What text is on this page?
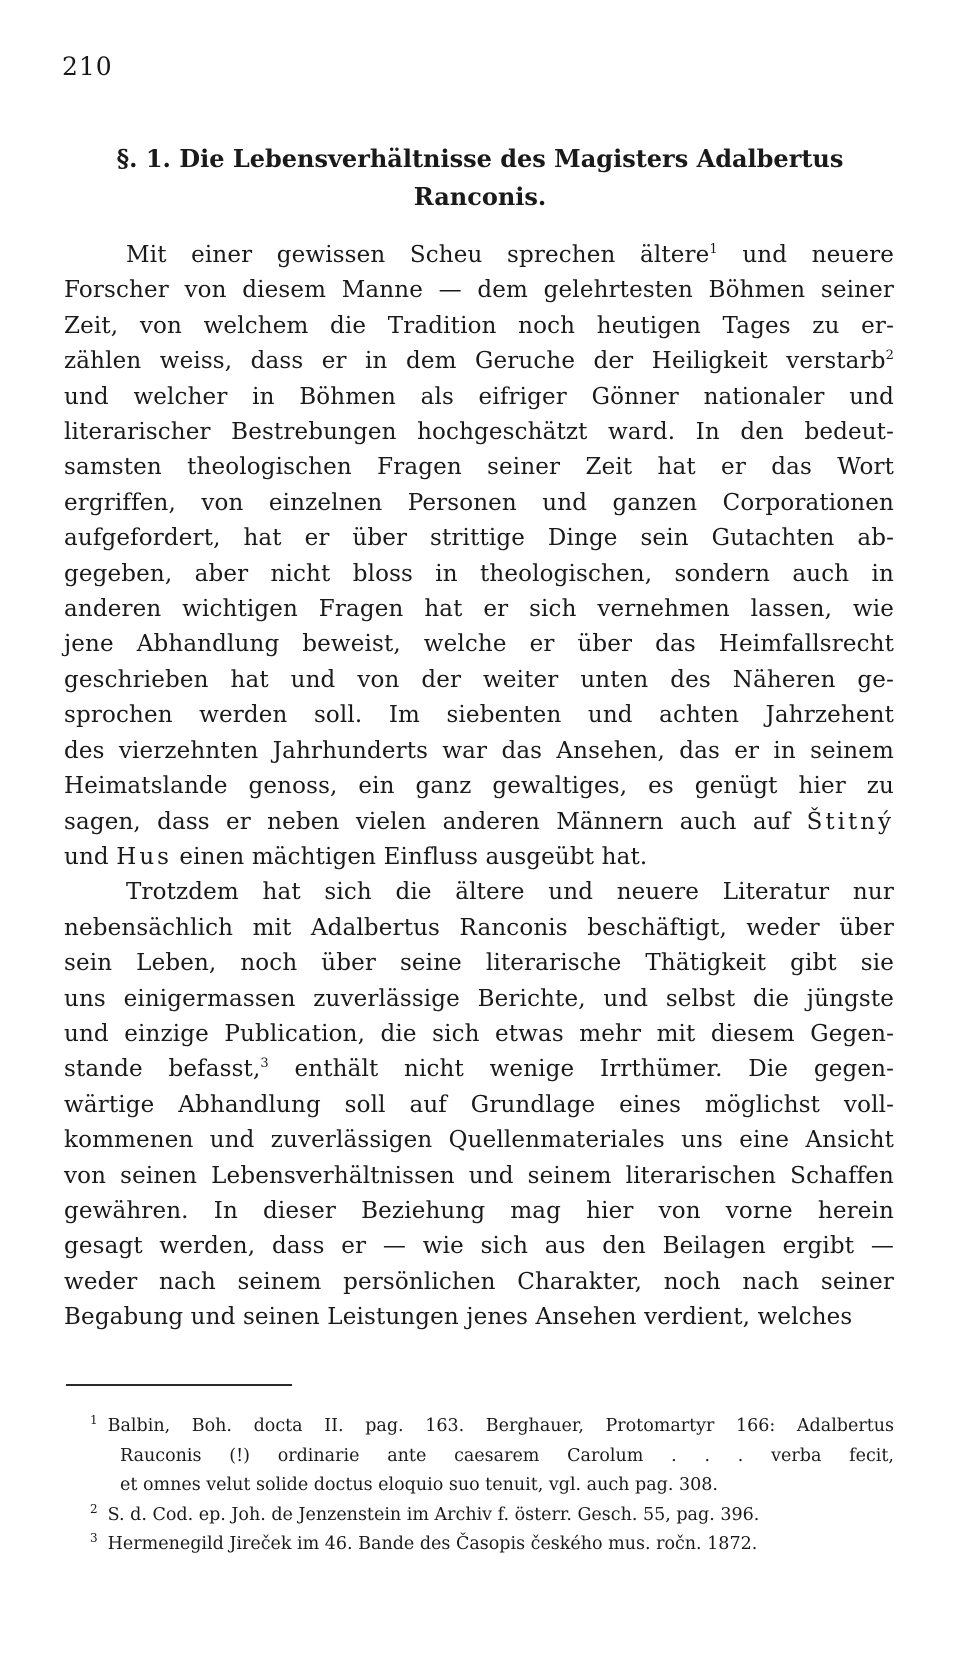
210
§. 1. Die Lebensverhältnisse des Magisters Adalbertus
Ranconis.
Mit einer gewissen Scheu sprechen ältere$^1$ und neuere
Forscher von diesem Manne — dem gelehrtesten Böhmen seiner
Zeit, von welchem die Tradition noch heutigen Tages zu er-
zählen weiss, dass er in dem Geruche der Heiligkeit verstarb$^2$
und welcher in Böhmen als eifriger Gönner nationaler und
literarischer Bestrebungen hochgeschätzt ward. In den bedeut-
samsten theologischen Fragen seiner Zeit hat er das Wort
ergriffen, von einzelnen Personen und ganzen Corporationen
aufgefordert, hat er über strittige Dinge sein Gutachten ab-
gegeben, aber nicht bloss in theologischen, sondern auch in
anderen wichtigen Fragen hat er sich vernehmen lassen, wie
jene Abhandlung beweist, welche er über das Heimfallsrecht
geschrieben hat und von der weiter unten des Näheren ge-
sprochen werden soll. Im siebenten und achten Jahrzehent
des vierzehnten Jahrhunderts war das Ansehen, das er in seinem
Heimatslande genoss, ein ganz gewaltiges, es genügt hier zu
sagen, dass er neben vielen anderen Männern auch auf Štitný
und Hus einen mächtigen Einfluss ausgeübt hat.
Trotzdem hat sich die ältere und neuere Literatur nur
nebensächlich mit Adalbertus Ranconis beschäftigt, weder über
sein Leben, noch über seine literarische Thätigkeit gibt sie
uns einigermassen zuverlässige Berichte, und selbst die jüngste
und einzige Publication, die sich etwas mehr mit diesem Gegen-
stande befasst,$^3$ enthält nicht wenige Irrthümer. Die gegen-
wärtige Abhandlung soll auf Grundlage eines möglichst voll-
kommenen und zuverlässigen Quellenmateriales uns eine Ansicht
von seinen Lebensverhältnissen und seinem literarischen Schaffen
gewähren. In dieser Beziehung mag hier von vorne herein
gesagt werden, dass er — wie sich aus den Beilagen ergibt —
weder nach seinem persönlichen Charakter, noch nach seiner
Begabung und seinen Leistungen jenes Ansehen verdient, welches
$^1$ Balbin, Boh. docta II. pag. 163. Berghauer, Protomartyr 166: Adalbertus
Rauconis (!) ordinarie ante caesarem Carolum . . . verba fecit,
et omnes velut solide doctus eloquio suo tenuit, vgl. auch pag. 308.
$^2$ S. d. Cod. ep. Joh. de Jenzenstein im Archiv f. österr. Gesch. 55, pag. 396.
$^3$ Hermenegild Jireček im 46. Bande des Časopis českého mus. ročn. 1872.
